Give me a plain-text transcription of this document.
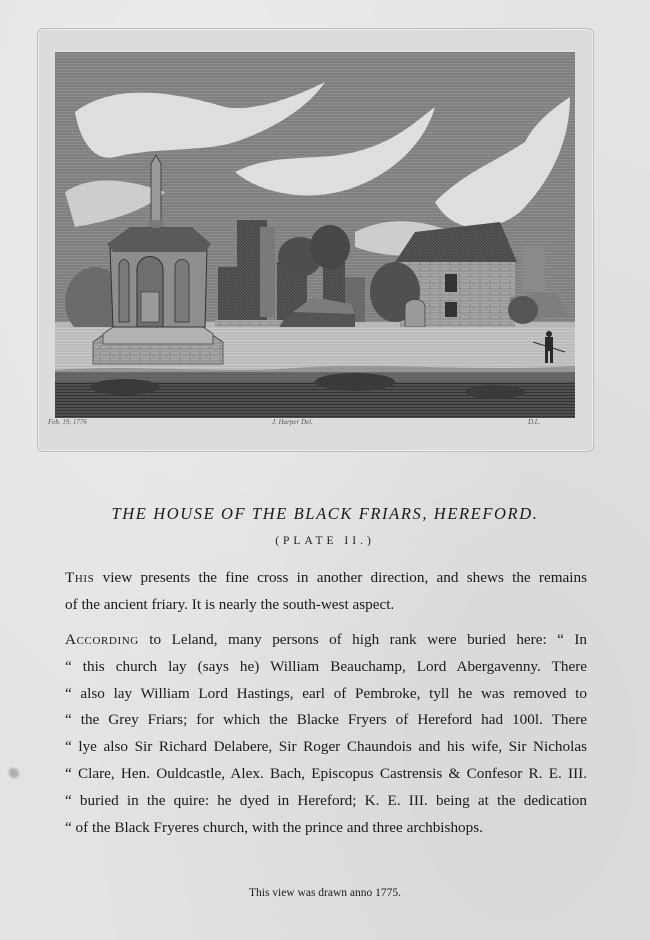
Feb. 19, 1776	J. Harper Del.	D.L.
THE HOUSE OF THE BLACK FRIARS, HEREFORD.
(PLATE II.)
This view presents the fine cross in another direction, and shews the remains
of the ancient friary. It is nearly the south-west aspect.
According to Leland, many persons of high rank were buried here: “ In
“ this church lay (says he) William Beauchamp, Lord Abergavenny. There
“ also lay William Lord Hastings, earl of Pembroke, tyll he was removed to
“ the Grey Friars; for which the Blacke Fryers of Hereford had 100l. There
“ lye also Sir Richard Delabere, Sir Roger Chaundois and his wife, Sir Nicholas
“ Clare, Hen. Ouldcastle, Alex. Bach, Episcopus Castrensis & Confesor R. E. III.
“ buried in the quire: he dyed in Hereford; K. E. III. being at the dedication
“ of the Black Fryeres church, with the prince and three archbishops.
This view was drawn anno 1775.
